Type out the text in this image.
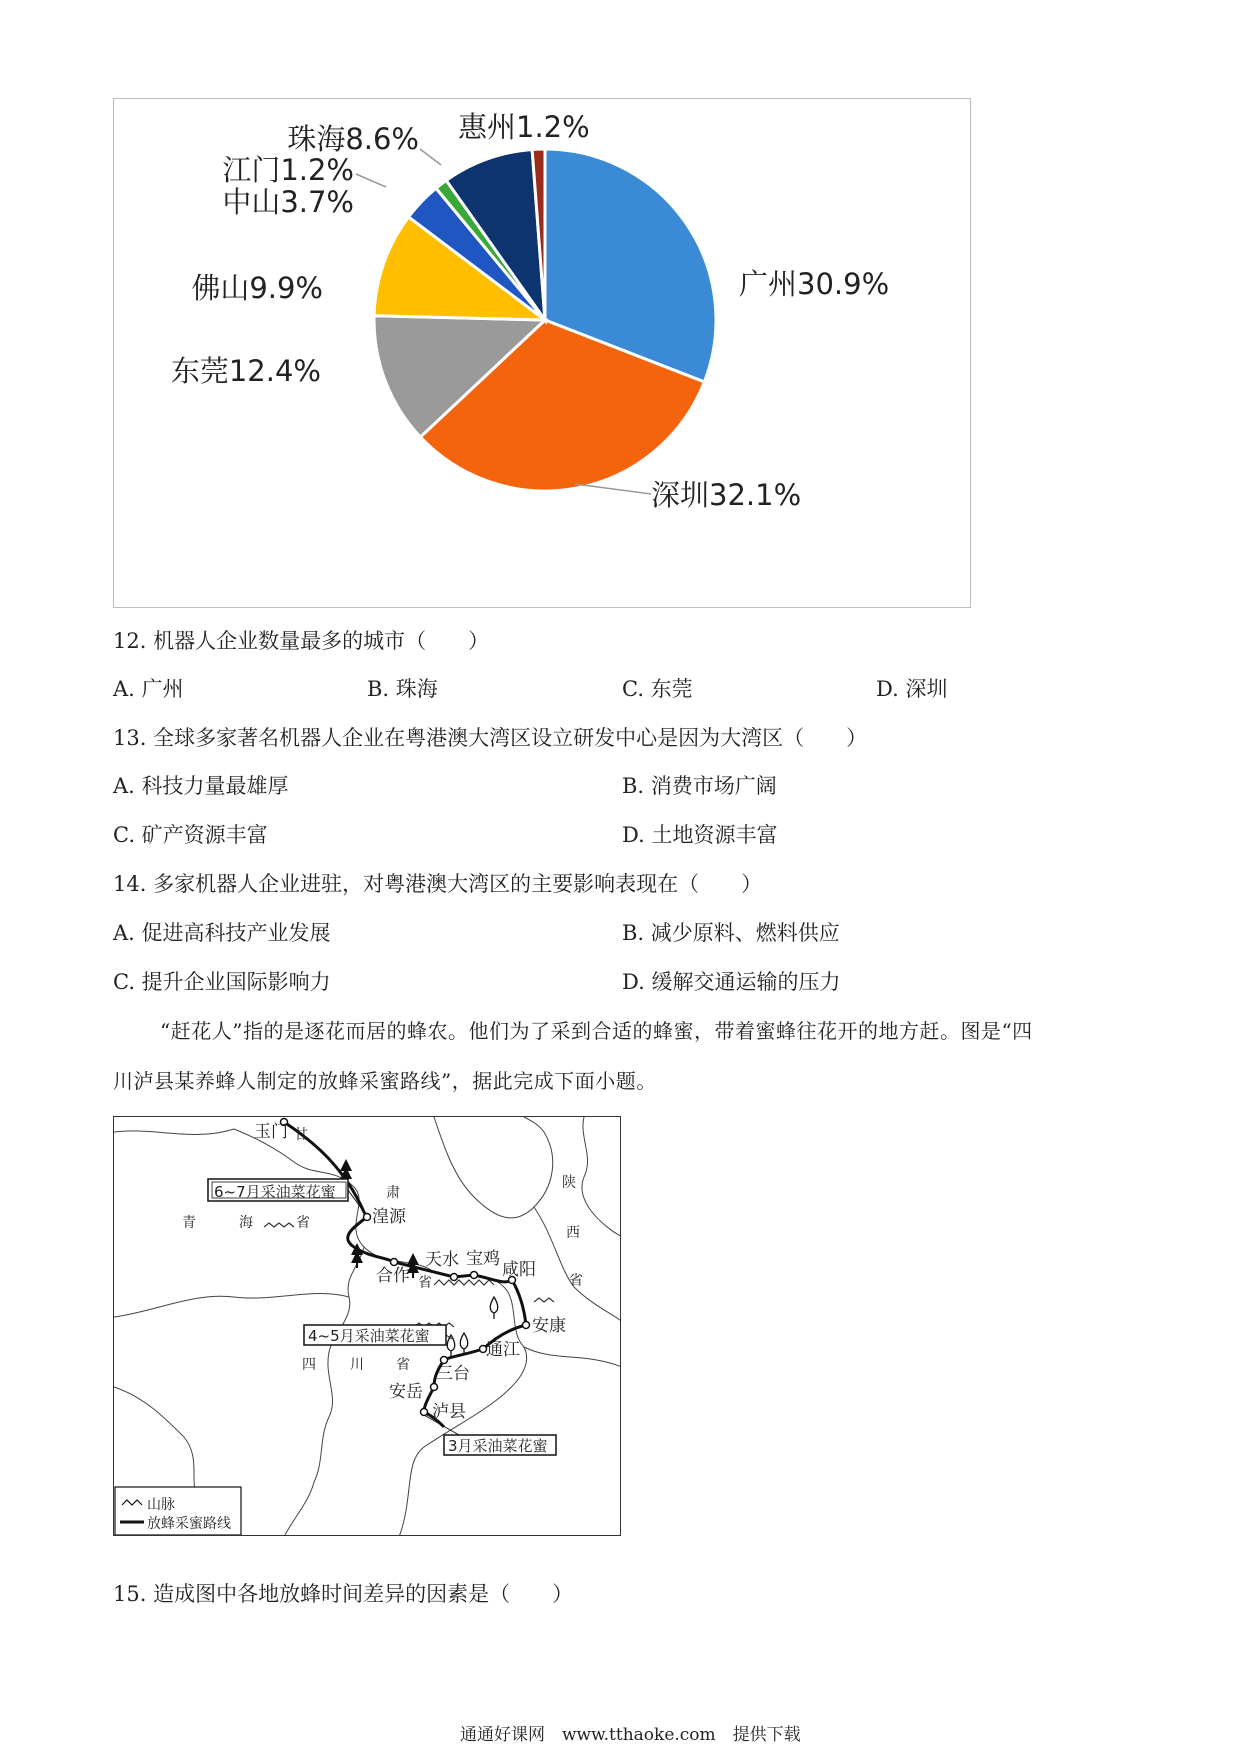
广州30.9%
深圳32.1%
东莞12.4%
佛山9.9%
中山3.7%
江门1.2%
珠海8.6% 惠州1.2%
12. 机器人企业数量最多的城市（　　）
A. 广州	B. 珠海	C. 东莞	D. 深圳
13. 全球多家著名机器人企业在粤港澳大湾区设立研发中心是因为大湾区（　　）
A. 科技力量最雄厚	B. 消费市场广阔
C. 矿产资源丰富	D. 土地资源丰富
14. 多家机器人企业进驻，对粤港澳大湾区的主要影响表现在（　　）
A. 促进高科技产业发展	B. 减少原料、燃料供应
C. 提升企业国际影响力	D. 缓解交通运输的压力
“赶花人”指的是逐花而居的蜂农。他们为了采到合适的蜂蜜，带着蜜蜂往花开的地方赶。图是“四
川泸县某养蜂人制定的放蜂采蜜路线”，据此完成下面小题。
6~7月采油菜花蜜
4~5月采油菜花蜜
3月采油菜花蜜
玉门
湟源
合作
天水 宝鸡
咸阳
安康
通江
三台
安岳
泸县
甘
肃
青	海	省
省
陕
西
省
四 川 省
山脉
放蜂采蜜路线
15. 造成图中各地放蜂时间差异的因素是（　　）
通通好课网　www.tthaoke.com　提供下载
